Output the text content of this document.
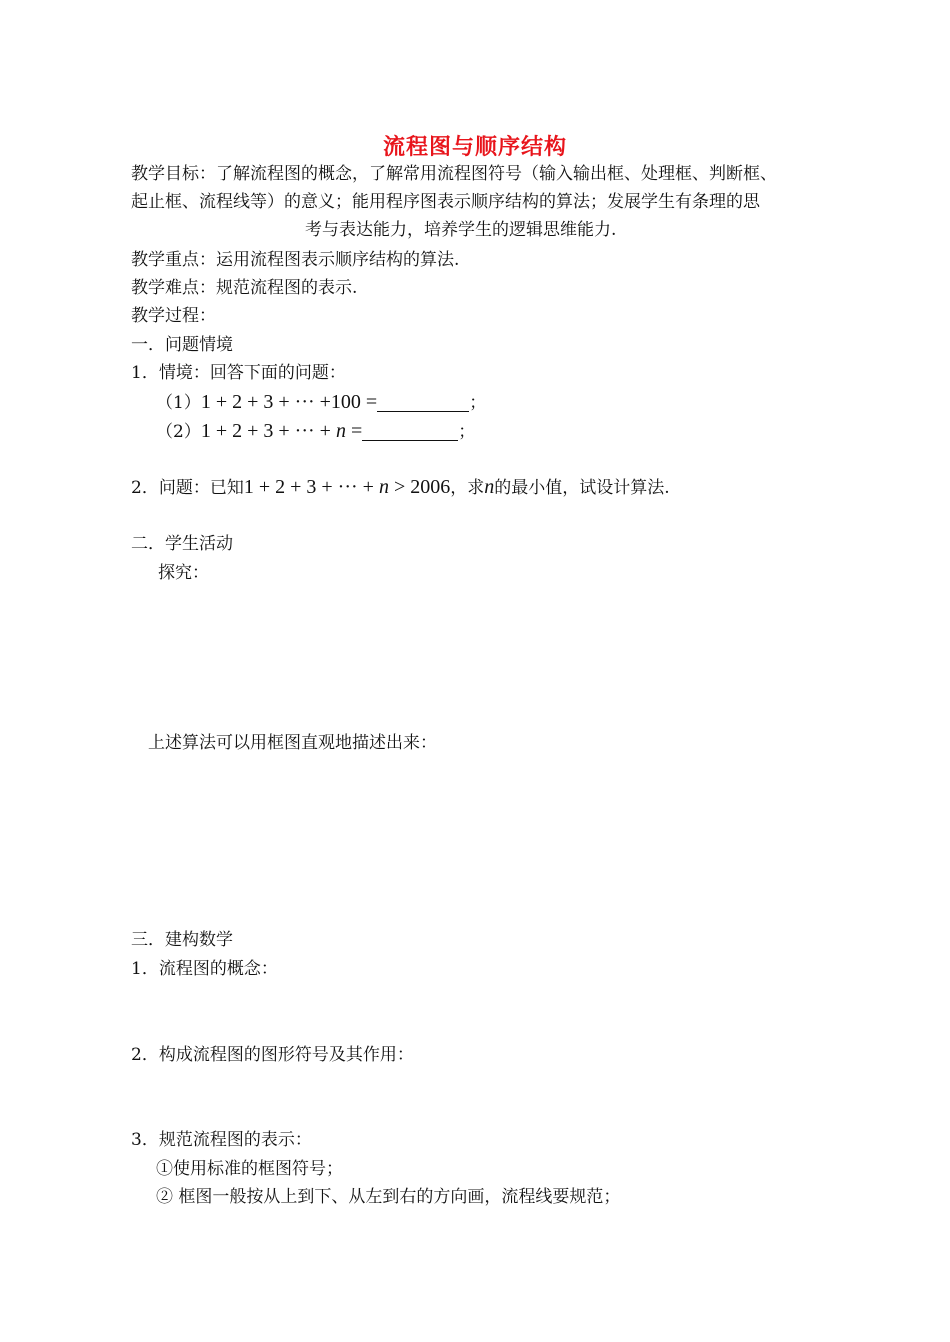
流程图与顺序结构
教学目标：了解流程图的概念，了解常用流程图符号（输入输出框、处理框、判断框、
起止框、流程线等）的意义；能用程序图表示顺序结构的算法；发展学生有条理的思
考与表达能力，培养学生的逻辑思维能力.
教学重点：运用流程图表示顺序结构的算法.
教学难点：规范流程图的表示.
教学过程：
一．问题情境
1．情境：回答下面的问题：
（1）1 + 2 + 3 + ··· +100 =	；
（2）1 + 2 + 3 + ··· + n =	；
2．问题：已知1 + 2 + 3 + ··· + n > 2006，求n的最小值，试设计算法.
二．学生活动
探究：
上述算法可以用框图直观地描述出来：
三．建构数学
1．流程图的概念：
2．构成流程图的图形符号及其作用：
3．规范流程图的表示：
①使用标准的框图符号；
② 框图一般按从上到下、从左到右的方向画，流程线要规范；
